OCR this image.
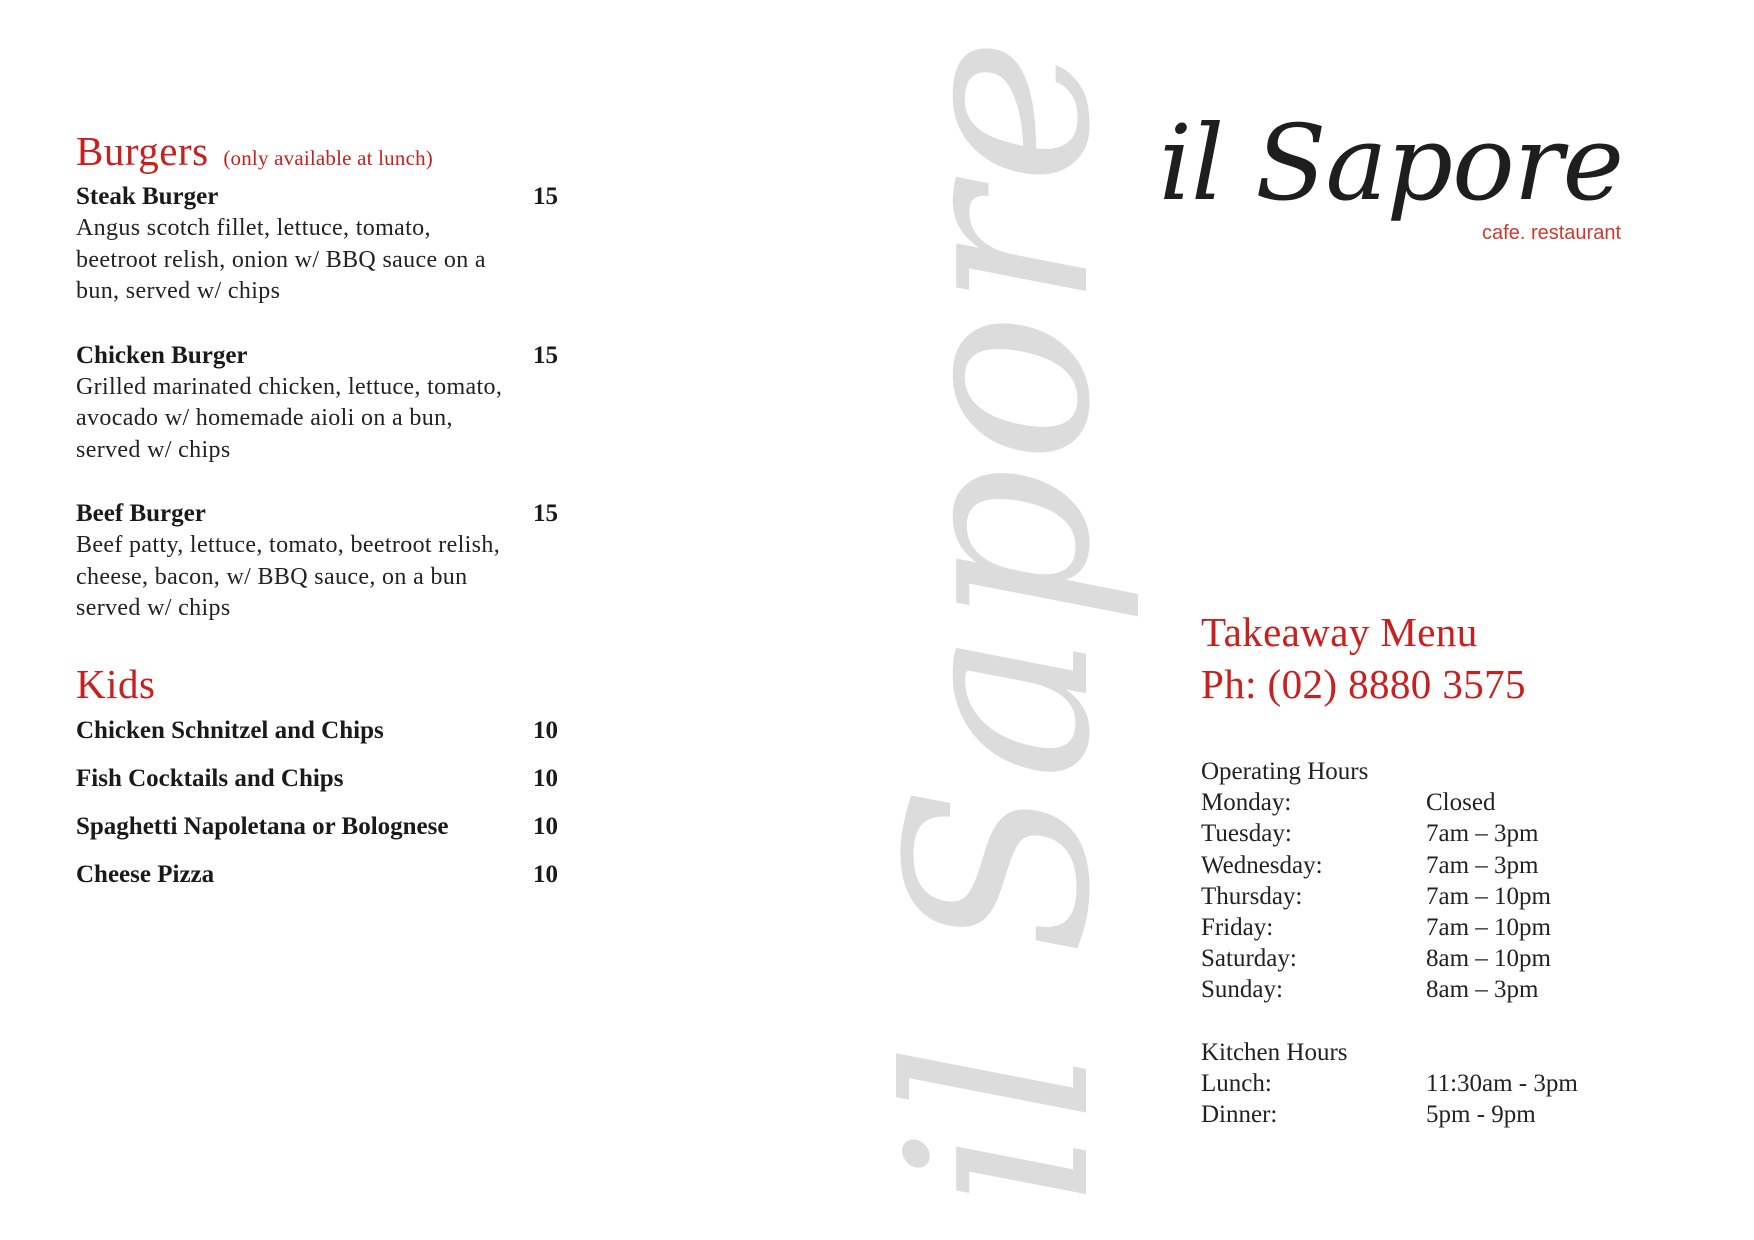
Burgers (only available at lunch)
Steak Burger	15
Angus scotch fillet, lettuce, tomato,
beetroot relish, onion w/ BBQ sauce on a
bun, served w/ chips
Chicken Burger	15
Grilled marinated chicken, lettuce, tomato,
avocado w/ homemade aioli on a bun,
served w/ chips
Beef Burger	15
Beef patty, lettuce, tomato, beetroot relish,
cheese, bacon, w/ BBQ sauce, on a bun
served w/ chips
Kids
Chicken Schnitzel and Chips	10
Fish Cocktails and Chips	10
Spaghetti Napoletana or Bolognese	10
Cheese Pizza	10 il Sapore il Sapore
cafe. restaurant
Takeaway Menu
Ph: (02) 8880 3575
Operating Hours
Monday:	Closed
Tuesday:	7am – 3pm
Wednesday:	7am – 3pm
Thursday:	7am – 10pm
Friday:	7am – 10pm
Saturday:	8am – 10pm
Sunday:	8am – 3pm
Kitchen Hours
Lunch:	11:30am - 3pm
Dinner:	5pm - 9pm
